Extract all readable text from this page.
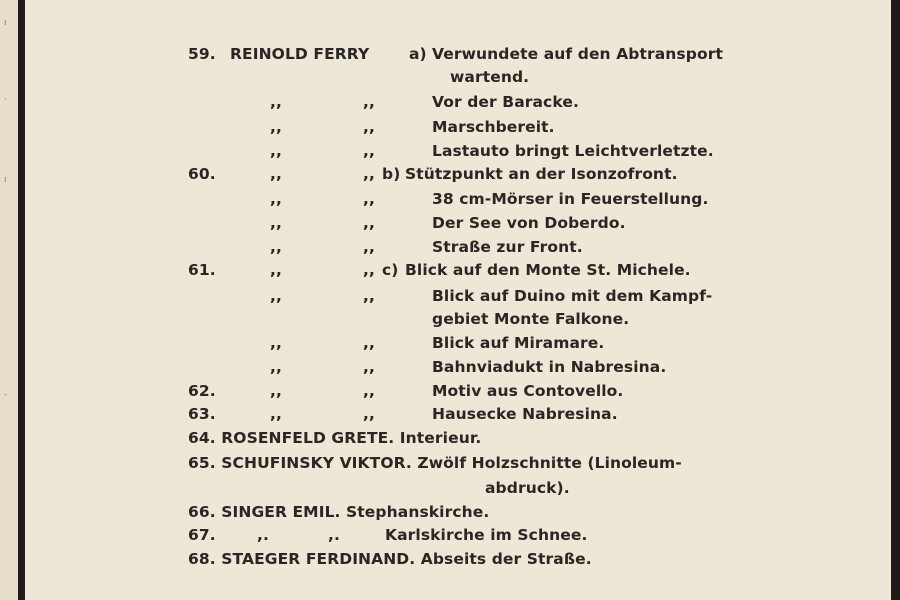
ı
·
ı
-
59. REINOLD FERRY	a) Verwundete auf den Abtransport
wartend.
,,	,,	Vor der Baracke.
,,	,,	Marschbereit.
,,	,,	Lastauto bringt Leichtverletzte.
60.	,,	,, b) Stützpunkt an der Isonzofront.
,,	,,	38 cm-Mörser in Feuerstellung.
,,	,,	Der See von Doberdo.
,,	,,	Straße zur Front.
61.	,,	,, c) Blick auf den Monte St. Michele.
,,	,,	Blick auf Duino mit dem Kampf-
gebiet Monte Falkone.
,,	,,	Blick auf Miramare.
,,	,,	Bahnviadukt in Nabresina.
62.	,,	,,	Motiv aus Contovello.
63.	,,	,,	Hausecke Nabresina.
64. ROSENFELD GRETE. Interieur.
65. SCHUFINSKY VIKTOR. Zwölf Holzschnitte (Linoleum-
abdruck).
66. SINGER EMIL. Stephanskirche.
67.	,.	,.	Karlskirche im Schnee.
68. STAEGER FERDINAND. Abseits der Straße.
